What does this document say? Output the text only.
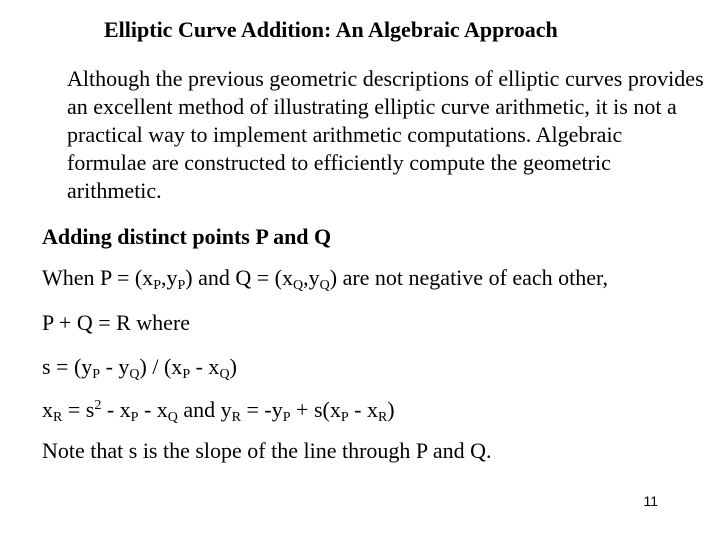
Elliptic Curve Addition: An Algebraic Approach
Although the previous geometric descriptions of elliptic curves provides an excellent method of illustrating elliptic curve arithmetic, it is not a practical way to implement arithmetic computations. Algebraic formulae are constructed to efficiently compute the geometric arithmetic.
Adding distinct points P and Q
When $P = (x_P,y_P)$ and $Q = (x_Q,y_Q)$ are not negative of each other,
P + Q = R where
$s = (y_P - y_Q) / (x_P - x_Q)$
$x_R = s^2 - x_P - x_Q$ and $y_R = -y_P + s(x_P - x_R)$
Note that s is the slope of the line through P and Q.
11
